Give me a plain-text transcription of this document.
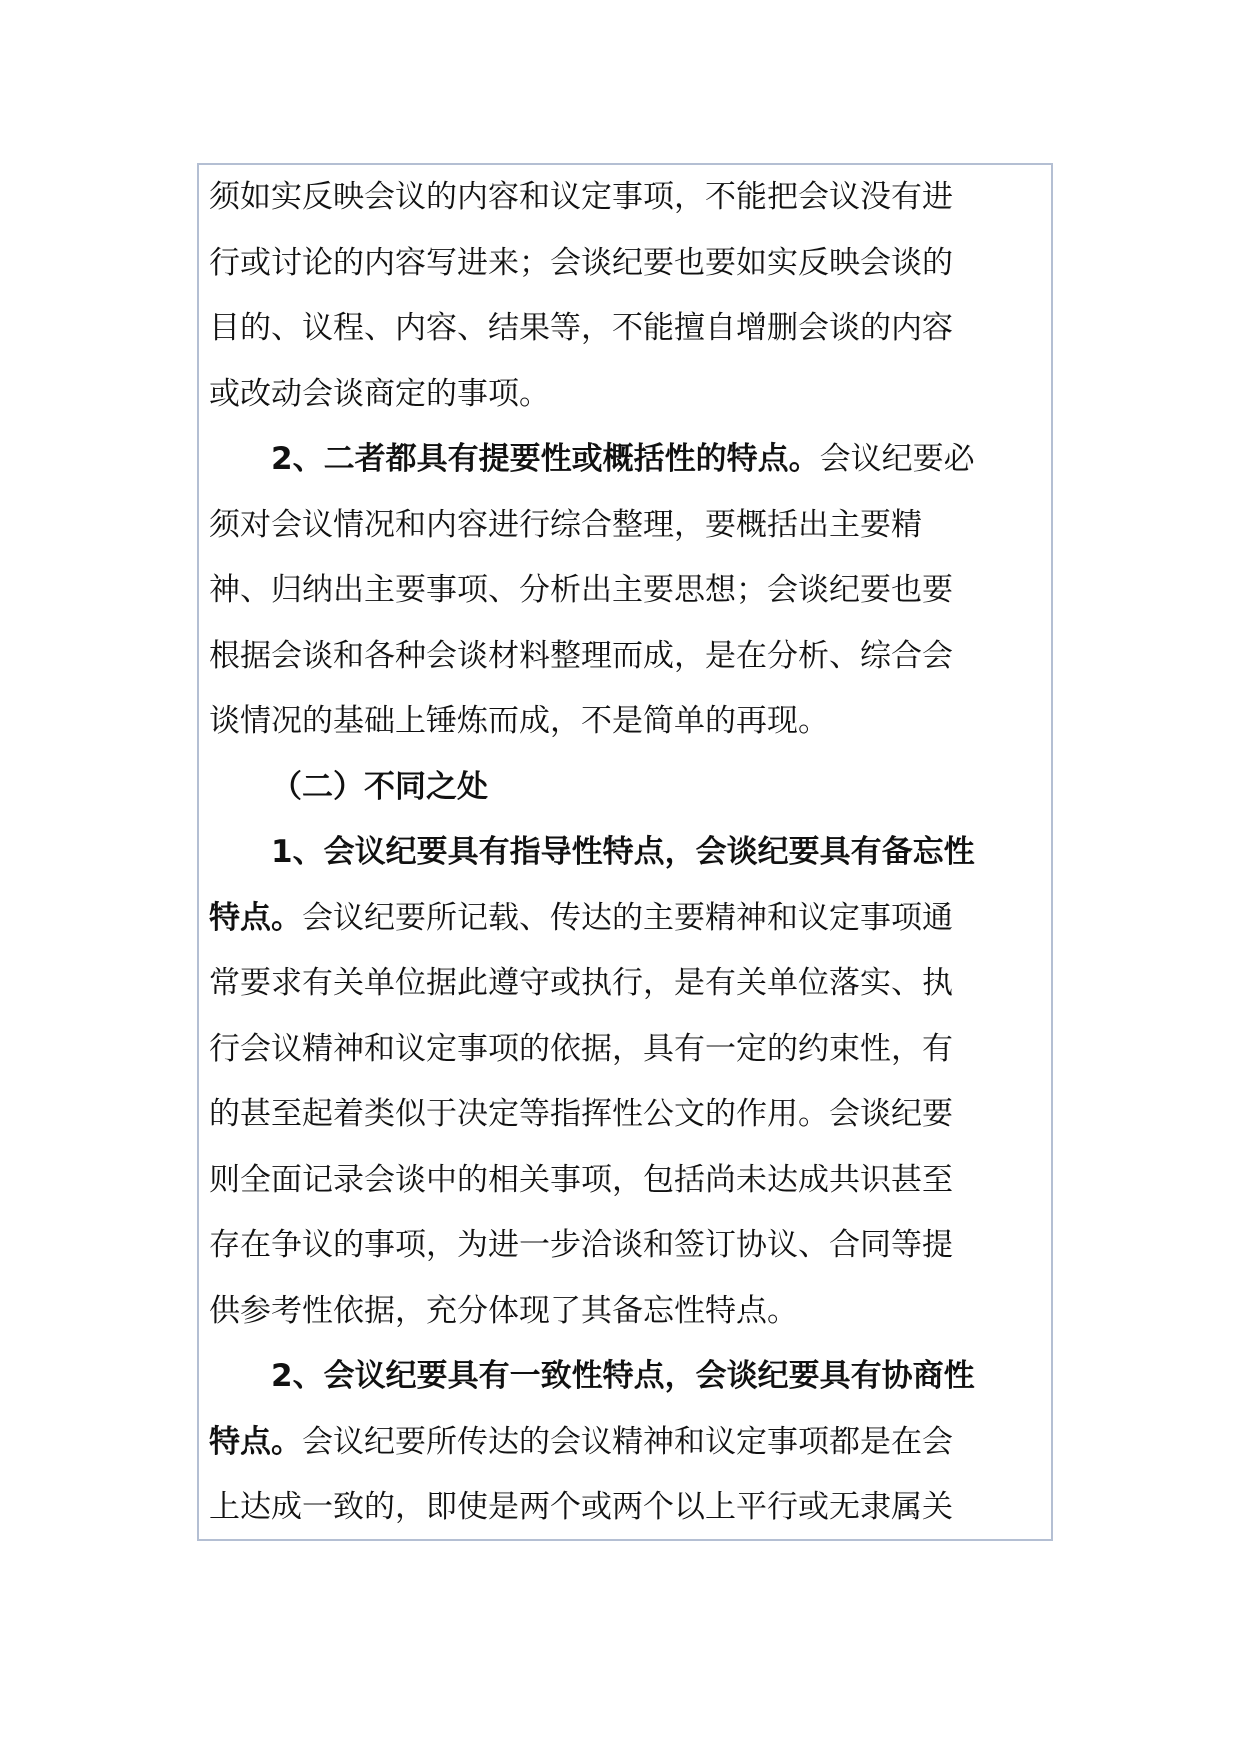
须如实反映会议的内容和议定事项，不能把会议没有进
行或讨论的内容写进来；会谈纪要也要如实反映会谈的
目的、议程、内容、结果等，不能擅自增删会谈的内容
或改动会谈商定的事项。
2、二者都具有提要性或概括性的特点。会议纪要必
须对会议情况和内容进行综合整理，要概括出主要精
神、归纳出主要事项、分析出主要思想；会谈纪要也要
根据会谈和各种会谈材料整理而成，是在分析、综合会
谈情况的基础上锤炼而成，不是简单的再现。
（二）不同之处
1、会议纪要具有指导性特点，会谈纪要具有备忘性
特点。会议纪要所记载、传达的主要精神和议定事项通
常要求有关单位据此遵守或执行，是有关单位落实、执
行会议精神和议定事项的依据，具有一定的约束性，有
的甚至起着类似于决定等指挥性公文的作用。会谈纪要
则全面记录会谈中的相关事项，包括尚未达成共识甚至
存在争议的事项，为进一步洽谈和签订协议、合同等提
供参考性依据，充分体现了其备忘性特点。
2、会议纪要具有一致性特点，会谈纪要具有协商性
特点。会议纪要所传达的会议精神和议定事项都是在会
上达成一致的，即使是两个或两个以上平行或无隶属关
